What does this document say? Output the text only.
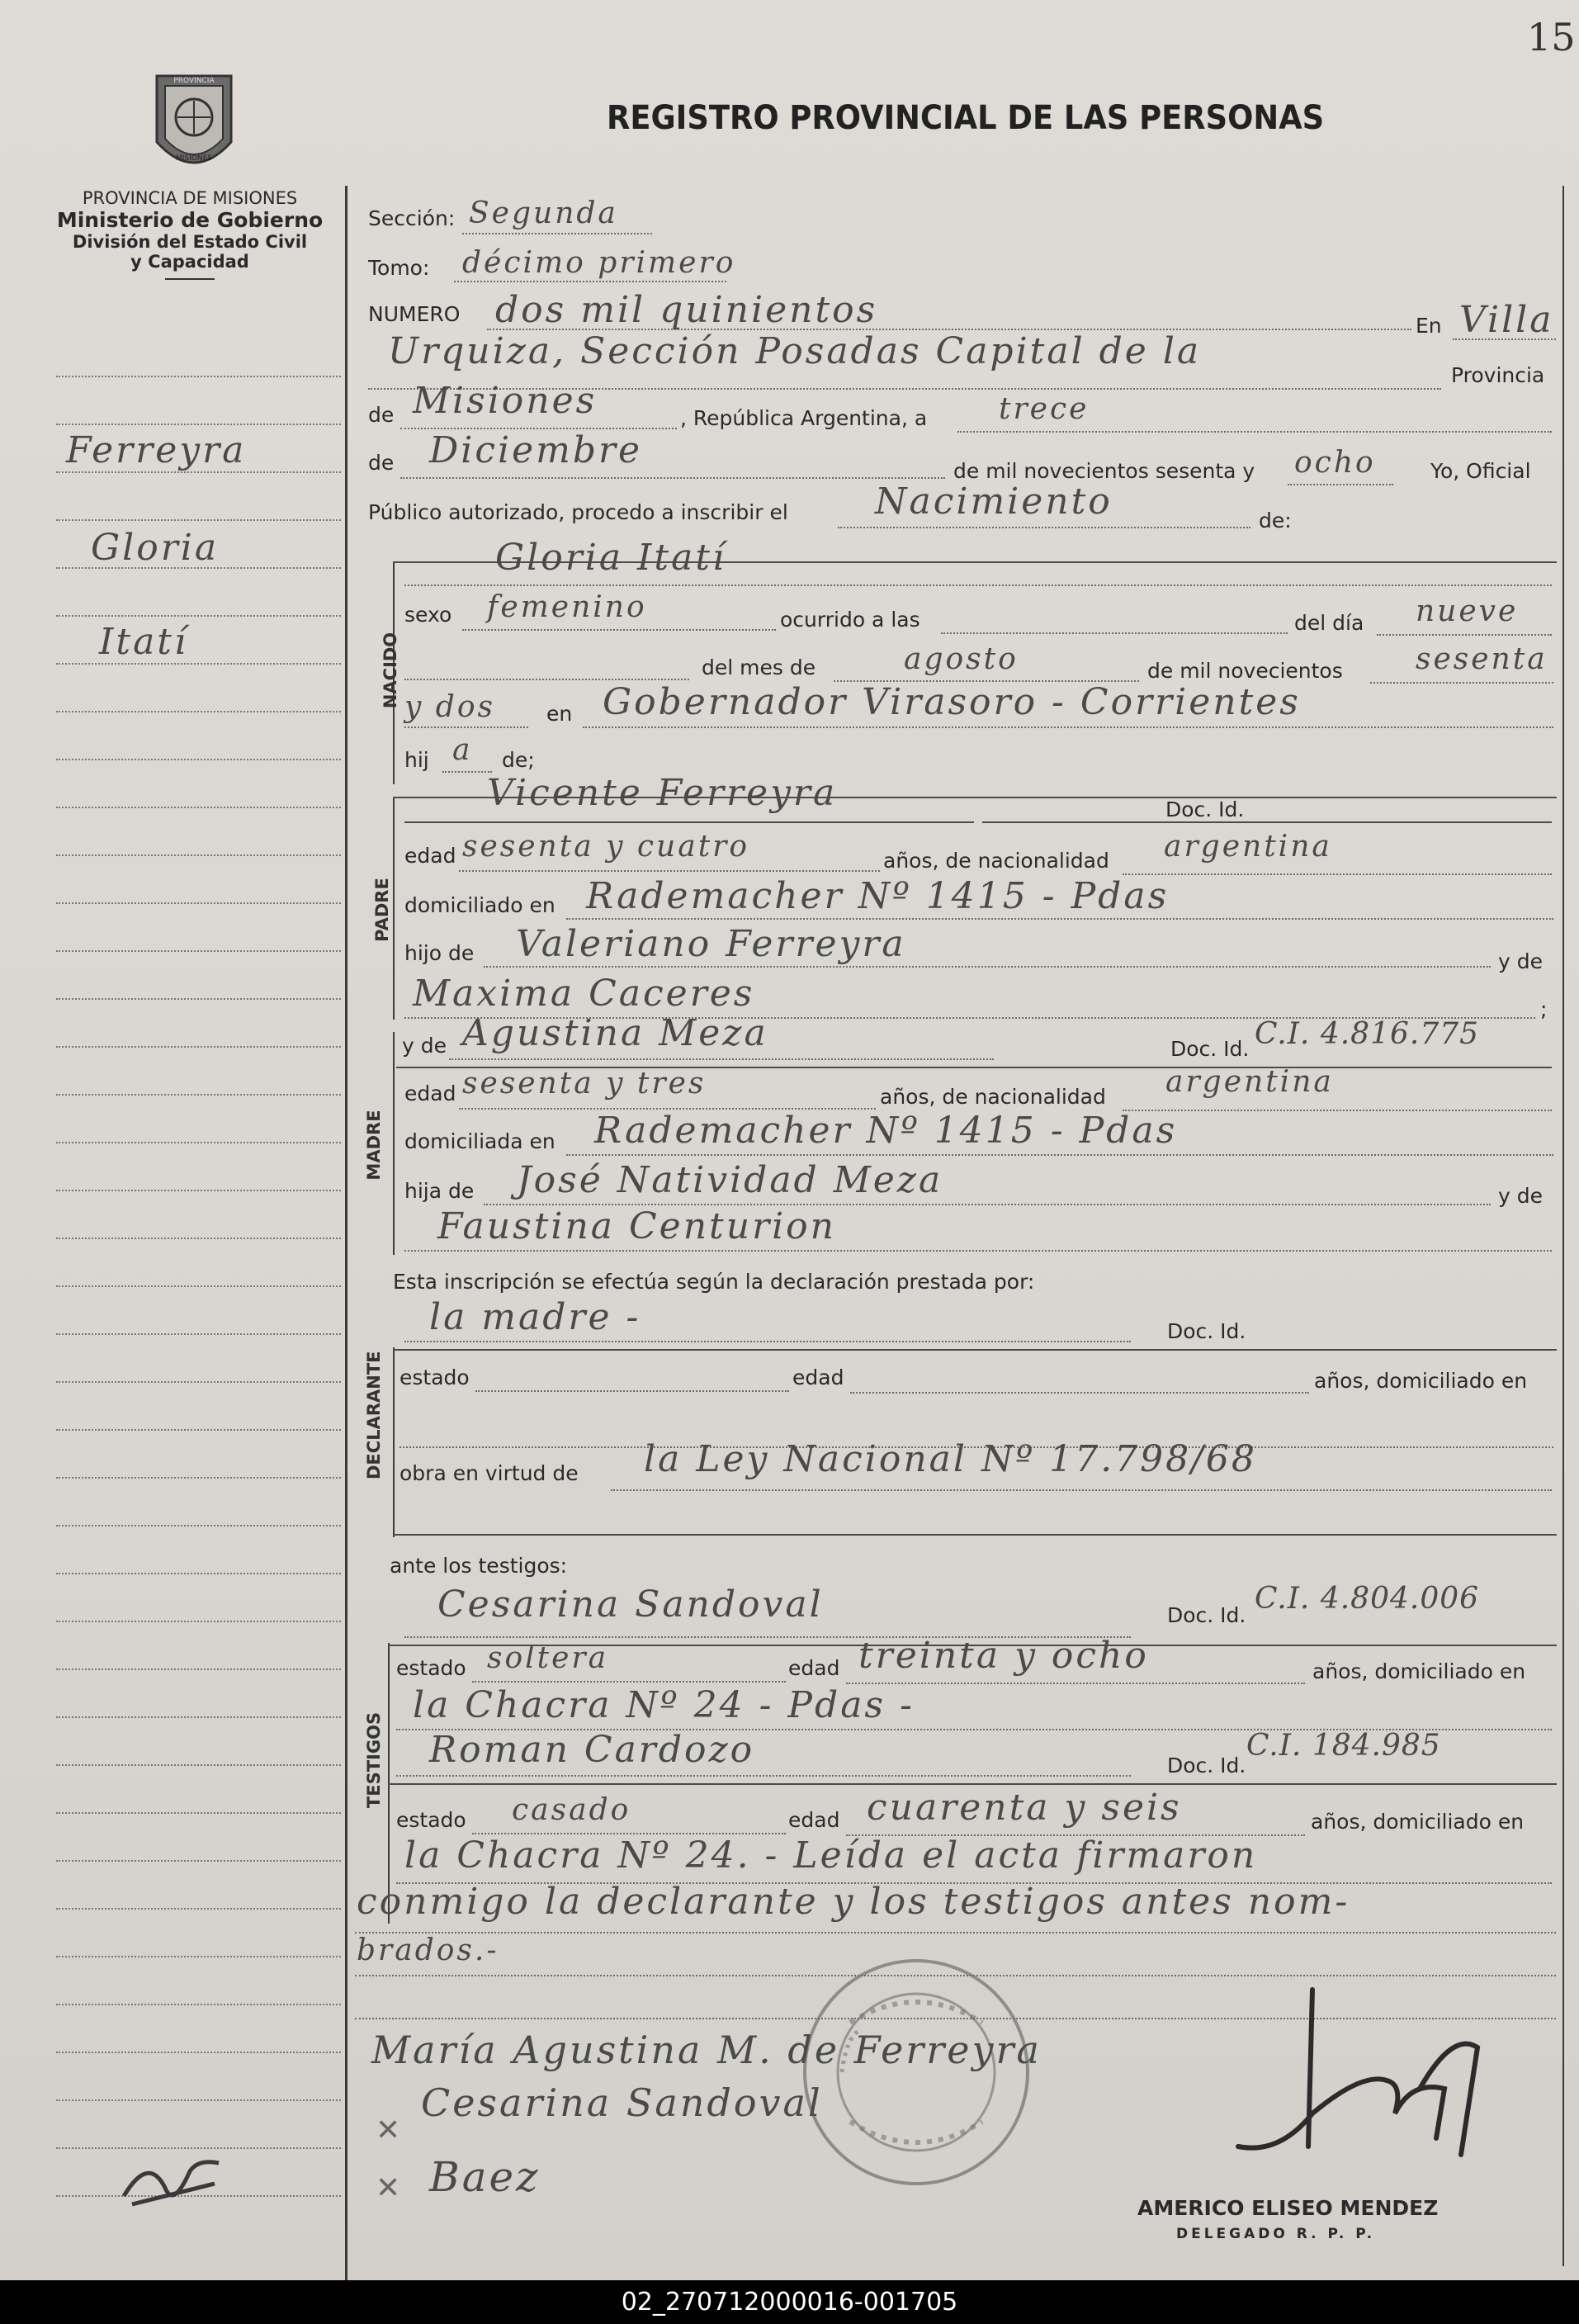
15
PROVINCIA
MISIONES
PROVINCIA DE MISIONES
Ministerio de Gobierno
División del Estado Civil
y Capacidad
REGISTRO PROVINCIAL DE LAS PERSONAS
Ferreyra
Gloria
Itatí
Sección: Segunda
Tomo: décimo primero
NUMERO dos mil quinientos	En Villa
Urquiza, Sección Posadas Capital de la
Provincia
de Misiones	, República Argentina, a trece
de Diciembre	de mil novecientos sesenta y ocho	Yo, Oficial
Público autorizado, procedo a inscribir el Nacimiento	de:
NACIDO
Gloria Itatí
sexo femenino	ocurrido a las	del día nueve
del mes de	agosto	de mil novecientos sesenta
y dos en Gobernador Virasoro - Corrientes
hij a de;
PADRE
Vicente Ferreyra	Doc. Id.
edad sesenta y cuatro	años, de nacionalidad argentina
domiciliado en Rademacher Nº 1415 - Pdas
hijo de Valeriano Ferreyra	y de
Maxima Caceres	;
MADRE
y de Agustina Meza	Doc. Id. C.I. 4.816.775
edad sesenta y tres	años, de nacionalidad argentina
domiciliada en Rademacher Nº 1415 - Pdas
hija de José Natividad Meza	y de
Faustina Centurion
Esta inscripción se efectúa según la declaración prestada por:
DECLARANTE
la madre -	Doc. Id.
estado	edad	años, domiciliado en
obra en virtud de la Ley Nacional Nº 17.798/68
ante los testigos:
TESTIGOS
Cesarina Sandoval	Doc. Id. C.I. 4.804.006
estado soltera	edad treinta y ocho	años, domiciliado en
la Chacra Nº 24 - Pdas -
Roman Cardozo	Doc. Id.
C.I. 184.985
estado casado	edad cuarenta y seis	años, domiciliado en
la Chacra Nº 24. - Leída el acta firmaron
conmigo la declarante y los testigos antes nom-
brados.-
María Agustina M. de Ferreyra
Cesarina Sandoval
Baez
✕
✕
AMERICO ELISEO MENDEZ
DELEGADO R. P. P.
02_270712000016-001705
